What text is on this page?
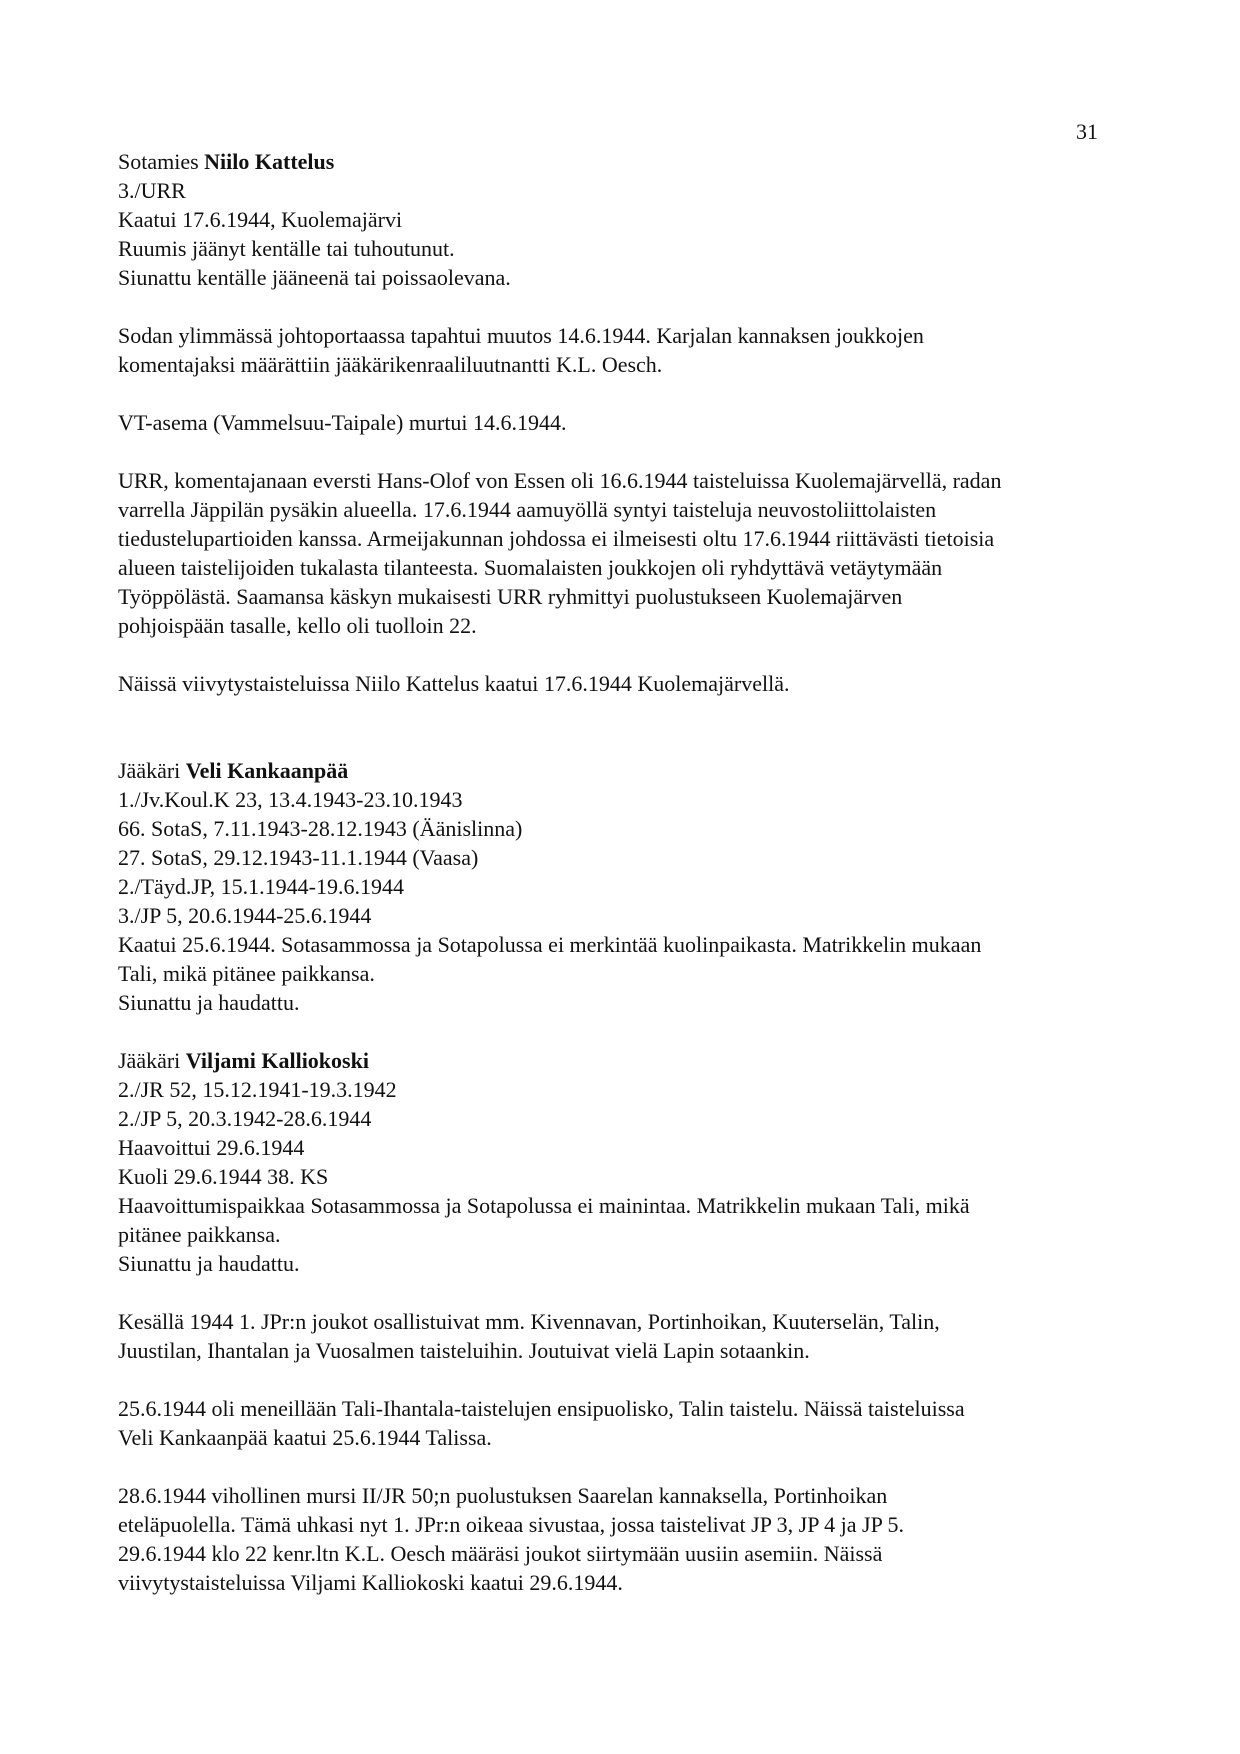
31
Sotamies Niilo Kattelus
3./URR
Kaatui 17.6.1944, Kuolemajärvi
Ruumis jäänyt kentälle tai tuhoutunut.
Siunattu kentälle jääneenä tai poissaolevana.
Sodan ylimmässä johtoportaassa tapahtui muutos 14.6.1944. Karjalan kannaksen joukkojen
komentajaksi määrättiin jääkärikenraaliluutnantti K.L. Oesch.
VT-asema (Vammelsuu-Taipale) murtui 14.6.1944.
URR, komentajanaan eversti Hans-Olof von Essen oli 16.6.1944 taisteluissa Kuolemajärvellä, radan
varrella Jäppilän pysäkin alueella. 17.6.1944 aamuyöllä syntyi taisteluja neuvostoliittolaisten
tiedustelupartioiden kanssa. Armeijakunnan johdossa ei ilmeisesti oltu 17.6.1944 riittävästi tietoisia
alueen taistelijoiden tukalasta tilanteesta. Suomalaisten joukkojen oli ryhdyttävä vetäytymään
Työppölästä. Saamansa käskyn mukaisesti URR ryhmittyi puolustukseen Kuolemajärven
pohjoispään tasalle, kello oli tuolloin 22.
Näissä viivytystaisteluissa Niilo Kattelus kaatui 17.6.1944 Kuolemajärvellä.
Jääkäri Veli Kankaanpää
1./Jv.Koul.K 23, 13.4.1943-23.10.1943
66. SotaS, 7.11.1943-28.12.1943 (Äänislinna)
27. SotaS, 29.12.1943-11.1.1944 (Vaasa)
2./Täyd.JP, 15.1.1944-19.6.1944
3./JP 5, 20.6.1944-25.6.1944
Kaatui 25.6.1944. Sotasammossa ja Sotapolussa ei merkintää kuolinpaikasta. Matrikkelin mukaan
Tali, mikä pitänee paikkansa.
Siunattu ja haudattu.
Jääkäri Viljami Kalliokoski
2./JR 52, 15.12.1941-19.3.1942
2./JP 5, 20.3.1942-28.6.1944
Haavoittui 29.6.1944
Kuoli 29.6.1944 38. KS
Haavoittumispaikkaa Sotasammossa ja Sotapolussa ei mainintaa. Matrikkelin mukaan Tali, mikä
pitänee paikkansa.
Siunattu ja haudattu.
Kesällä 1944 1. JPr:n joukot osallistuivat mm. Kivennavan, Portinhoikan, Kuuterselän, Talin,
Juustilan, Ihantalan ja Vuosalmen taisteluihin. Joutuivat vielä Lapin sotaankin.
25.6.1944 oli meneillään Tali-Ihantala-taistelujen ensipuolisko, Talin taistelu. Näissä taisteluissa
Veli Kankaanpää kaatui 25.6.1944 Talissa.
28.6.1944 vihollinen mursi II/JR 50;n puolustuksen Saarelan kannaksella, Portinhoikan
eteläpuolella. Tämä uhkasi nyt 1. JPr:n oikeaa sivustaa, jossa taistelivat JP 3, JP 4 ja JP 5.
29.6.1944 klo 22 kenr.ltn K.L. Oesch määräsi joukot siirtymään uusiin asemiin. Näissä
viivytystaisteluissa Viljami Kalliokoski kaatui 29.6.1944.
